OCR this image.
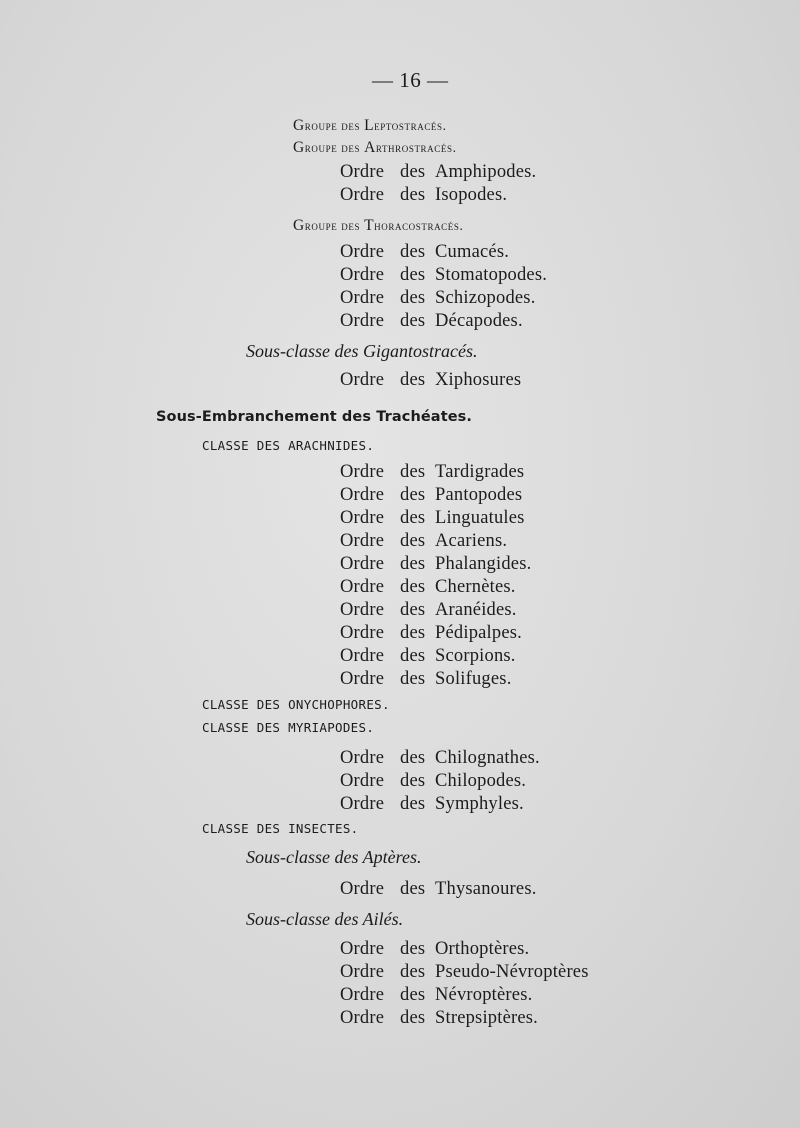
— 16 —
Groupe des Leptostracés.
Groupe des Arthrostracés.
Ordre des Amphipodes.
Ordre des Isopodes.
Groupe des Thoracostracés.
Ordre des Cumacés.
Ordre des Stomatopodes.
Ordre des Schizopodes.
Ordre des Décapodes.
Sous-classe des Gigantostracés.
Ordre des Xiphosures
Sous-Embranchement des Trachéates.
CLASSE DES ARACHNIDES.
Ordre des Tardigrades
Ordre des Pantopodes
Ordre des Linguatules
Ordre des Acariens.
Ordre des Phalangides.
Ordre des Chernètes.
Ordre des Aranéides.
Ordre des Pédipalpes.
Ordre des Scorpions.
Ordre des Solifuges.
CLASSE DES ONYCHOPHORES.
CLASSE DES MYRIAPODES.
Ordre des Chilognathes.
Ordre des Chilopodes.
Ordre des Symphyles.
CLASSE DES INSECTES.
Sous-classe des Aptères.
Ordre des Thysanoures.
Sous-classe des Ailés.
Ordre des Orthoptères.
Ordre des Pseudo-Névroptères
Ordre des Névroptères.
Ordre des Strepsiptères.
